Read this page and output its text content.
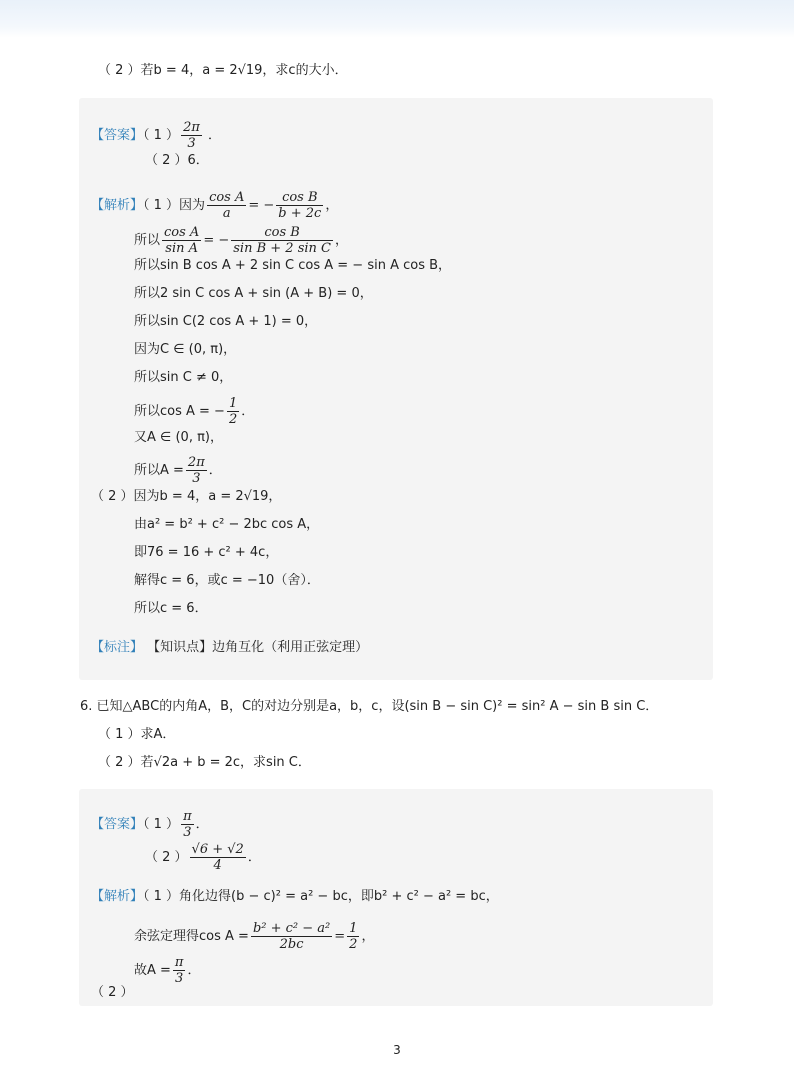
（ 2 ）若b = 4，a = 2√19，求c的大小．
【答案】（ 1 ） $\frac{2\pi}{3}$ ．
（ 2 ）6．
【解析】（ 1 ）因为 $\frac{\text{cos A}}{a}$ = − $\frac{\text{cos B}}{b + 2c}$ ，
所以 $\frac{\text{cos A}}{\text{sin A}}$ = − $\frac{\text{cos B}}{\text{sin B + 2 sin C}}$ ，
所以sin B cos A + 2 sin C cos A = − sin A cos B，
所以2 sin C cos A + sin (A + B) = 0，
所以sin C(2 cos A + 1) = 0，
因为C ∈ (0, π)，
所以sin C ≠ 0，
所以cos A = − $\frac{1}{2}$ ．
又A ∈ (0, π)，
所以$A = \frac{2\pi}{3}$ ．
（ 2 ）因为b = 4，a = 2√19，
由a² = b² + c² − 2bc cos A，
即76 = 16 + c² + 4c，
解得c = 6，或c = −10（舍）．
所以c = 6．
【标注】 【知识点】边角互化（利用正弦定理）
6. 已知△ABC的内角A，B，C的对边分别是a，b，c，设(sin B − sin C)² = sin² A − sin B sin C．
（ 1 ）求A．
（ 2 ）若√2a + b = 2c，求sin C．
【答案】（ 1 ） $\frac{\pi}{3}$ ．
（ 2 ） $\frac{√6 + √2}{4}$ ．
【解析】（ 1 ）角化边得(b − c)² = a² − bc，即b² + c² − a² = bc，
余弦定理得$\cos A = \frac{\text{b² + c² − a²}}{2bc} = \frac{1}{2}$ ，
故$A = \frac{\pi}{3}$ ．
（ 2 ）
3
